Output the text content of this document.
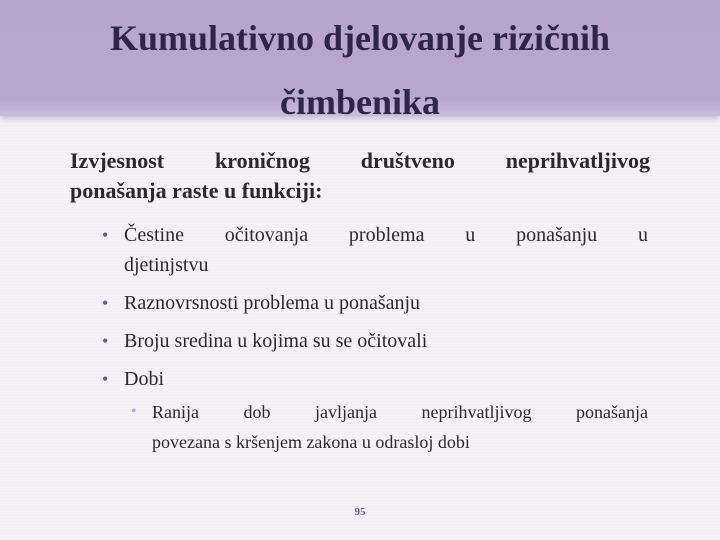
Kumulativno djelovanje rizičnih
čimbenika
Izvjesnost kroničnog društveno neprihvatljivog
ponašanja raste u funkciji:
• Čestine očitovanja problema u ponašanju u
djetinjstvu
• Raznovrsnosti problema u ponašanju
• Broju sredina u kojima su se očitovali
• Dobi
• Ranija dob javljanja neprihvatljivog ponašanja
povezana s kršenjem zakona u odrasloj dobi
95
